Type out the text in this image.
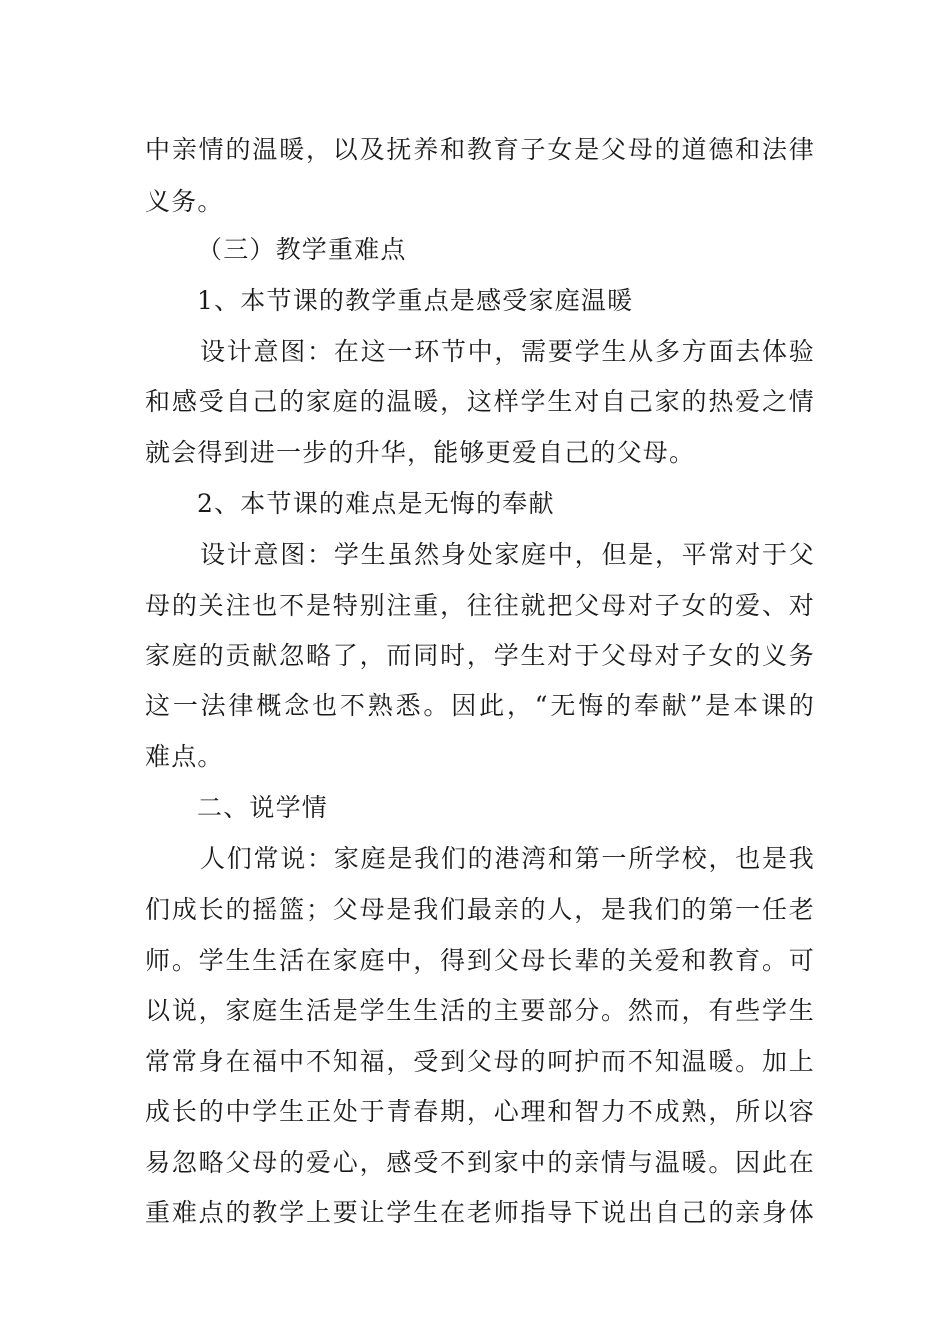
中亲情的温暖，以及抚养和教育子女是父母的道德和法律
义务。
（三）教学重难点
1、本节课的教学重点是感受家庭温暖
设计意图：在这一环节中，需要学生从多方面去体验
和感受自己的家庭的温暖，这样学生对自己家的热爱之情
就会得到进一步的升华，能够更爱自己的父母。
2、本节课的难点是无悔的奉献
设计意图：学生虽然身处家庭中，但是，平常对于父
母的关注也不是特别注重，往往就把父母对子女的爱、对
家庭的贡献忽略了，而同时，学生对于父母对子女的义务
这一法律概念也不熟悉。因此，“无悔的奉献”是本课的
难点。
二、说学情
人们常说：家庭是我们的港湾和第一所学校，也是我
们成长的摇篮；父母是我们最亲的人，是我们的第一任老
师。学生生活在家庭中，得到父母长辈的关爱和教育。可
以说，家庭生活是学生生活的主要部分。然而，有些学生
常常身在福中不知福，受到父母的呵护而不知温暖。加上
成长的中学生正处于青春期，心理和智力不成熟，所以容
易忽略父母的爱心，感受不到家中的亲情与温暖。因此在
重难点的教学上要让学生在老师指导下说出自己的亲身体
